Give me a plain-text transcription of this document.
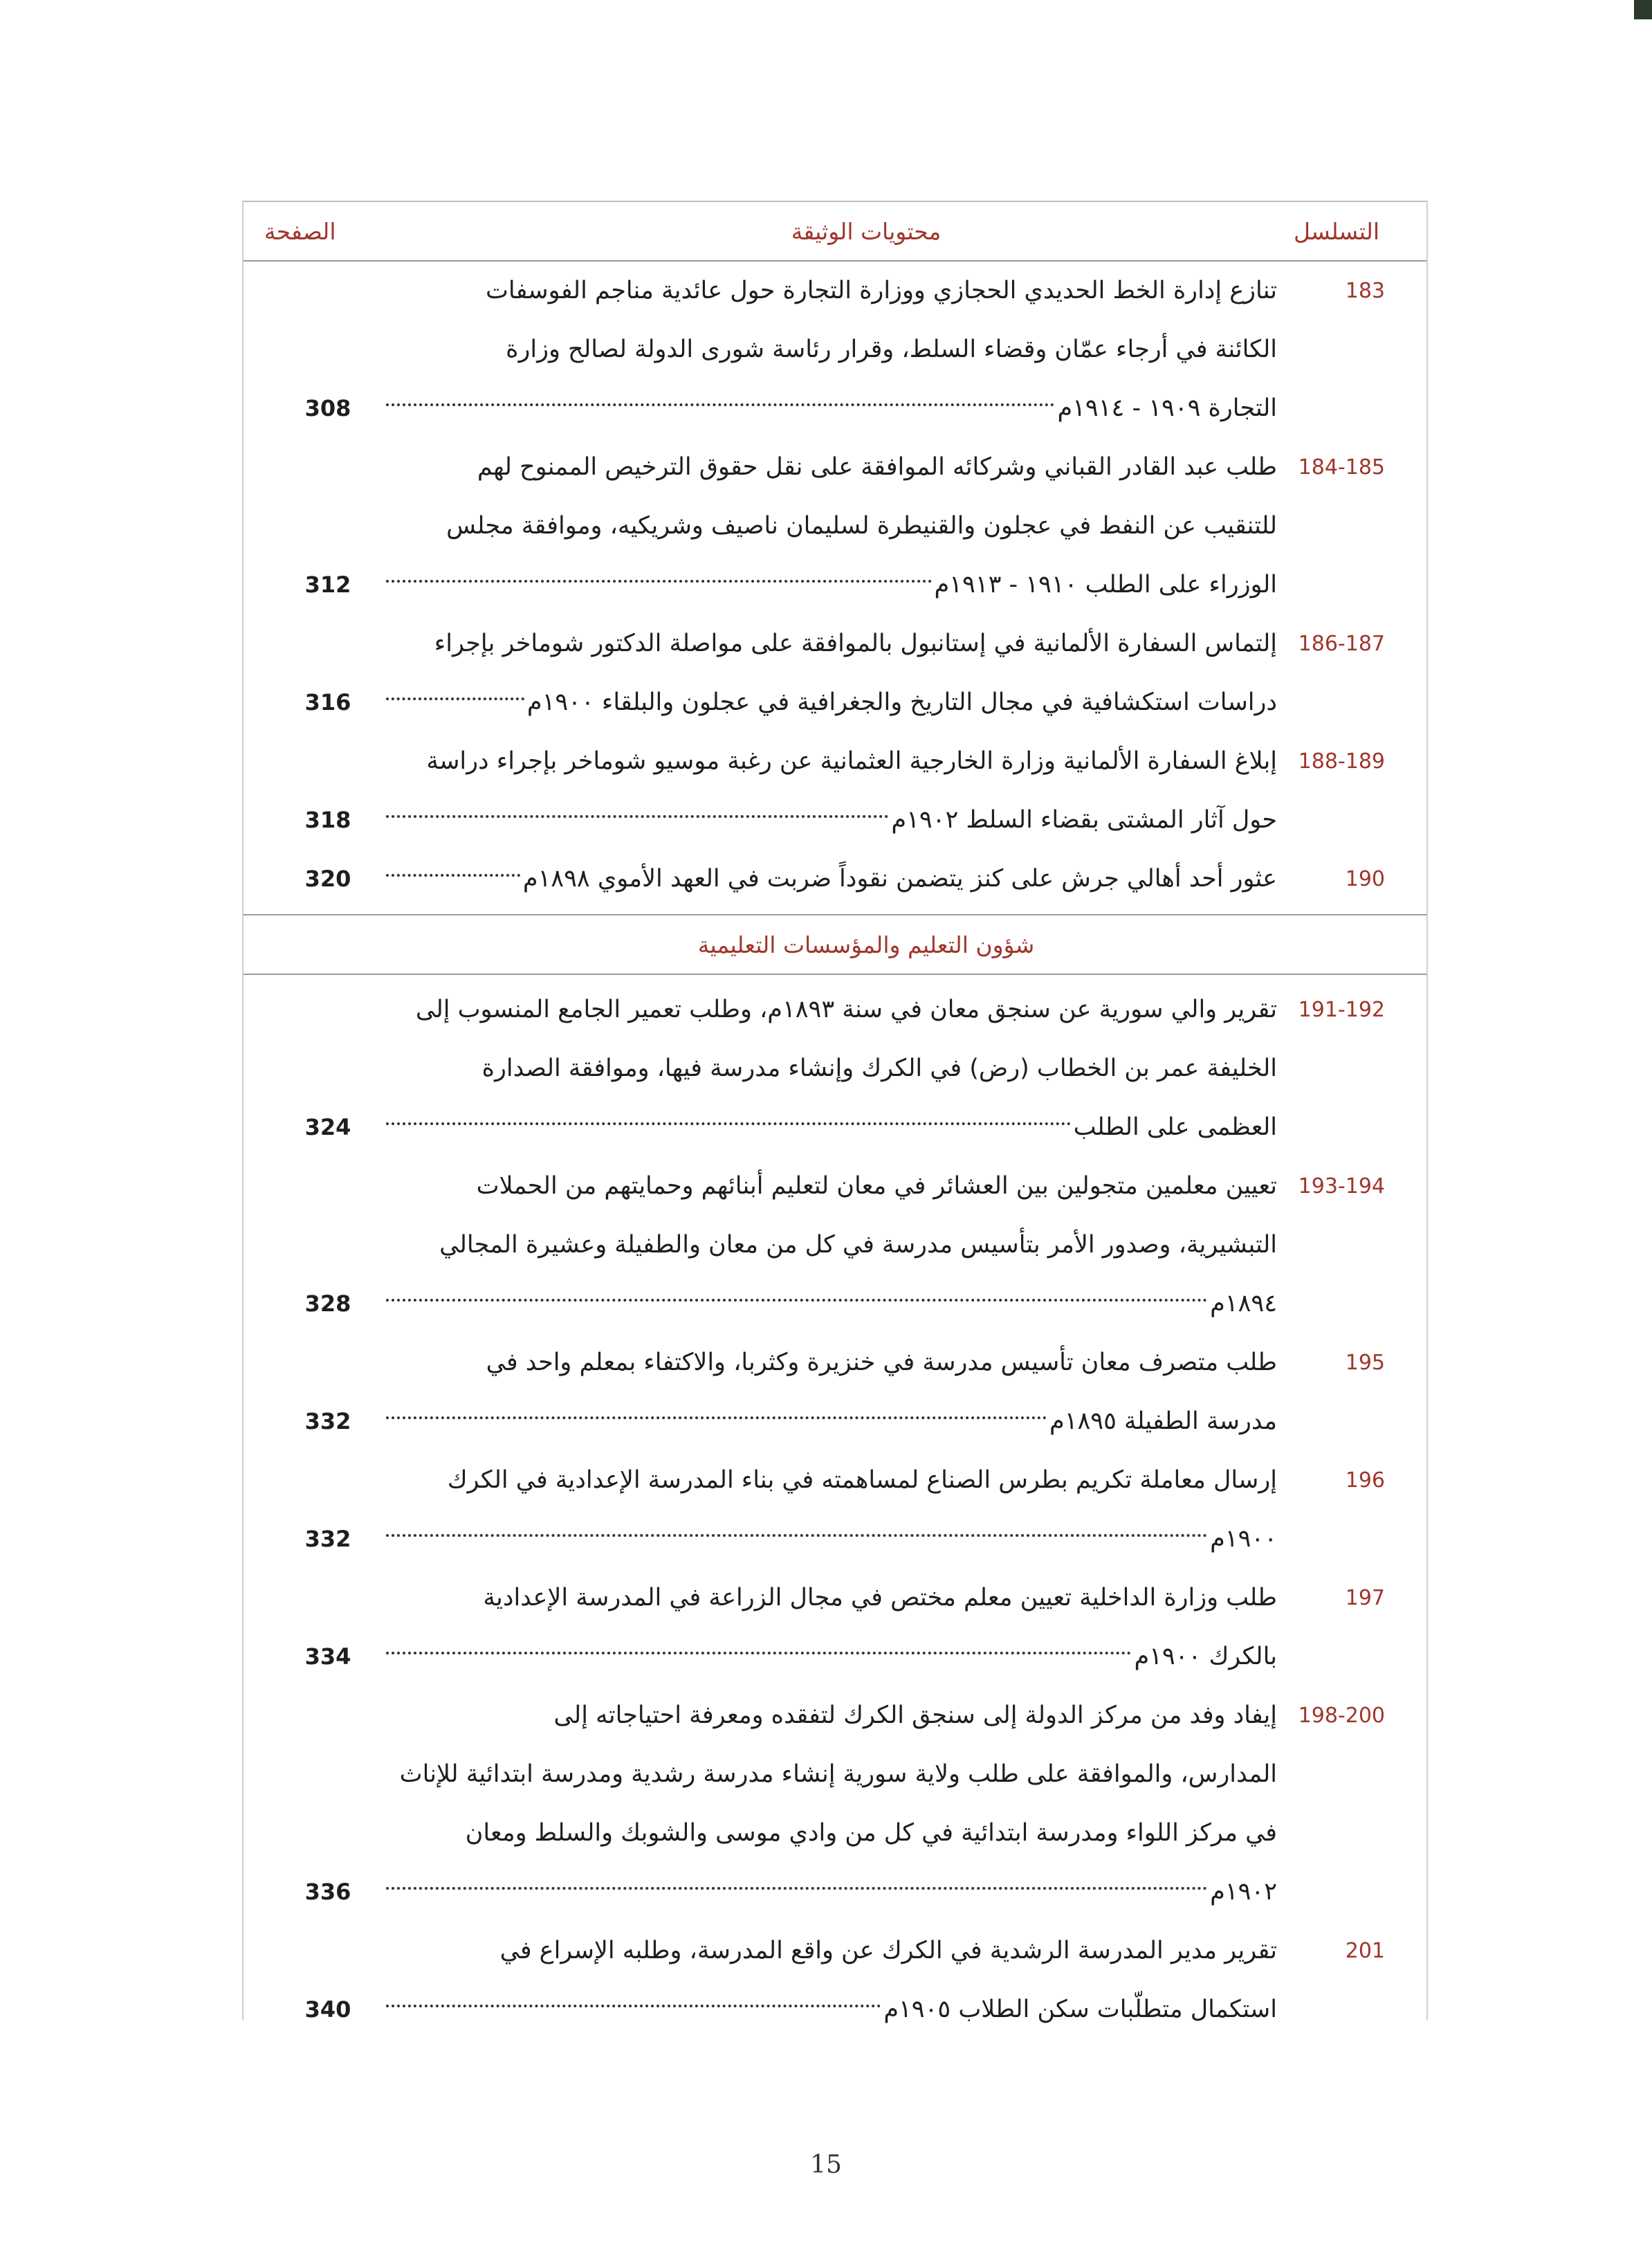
التسلسل
محتويات الوثيقة
الصفحة
183
تنازع إدارة الخط الحديدي الحجازي ووزارة التجارة حول عائدية مناجم الفوسفات
الكائنة في أرجاء عمّان وقضاء السلط، وقرار رئاسة شورى الدولة لصالح وزارة
التجارة ١٩٠٩ - ١٩١٤م
308
184-185
طلب عبد القادر القباني وشركائه الموافقة على نقل حقوق الترخيص الممنوح لهم
للتنقيب عن النفط في عجلون والقنيطرة لسليمان ناصيف وشريكيه، وموافقة مجلس
الوزراء على الطلب ١٩١٠ - ١٩١٣م
312
186-187
إلتماس السفارة الألمانية في إستانبول بالموافقة على مواصلة الدكتور شوماخر بإجراء
دراسات استكشافية في مجال التاريخ والجغرافية في عجلون والبلقاء ١٩٠٠م
316
188-189
إبلاغ السفارة الألمانية وزارة الخارجية العثمانية عن رغبة موسيو شوماخر بإجراء دراسة
حول آثار المشتى بقضاء السلط ١٩٠٢م
318
190
عثور أحد أهالي جرش على كنز يتضمن نقوداً ضربت في العهد الأموي ١٨٩٨م
320
شؤون التعليم والمؤسسات التعليمية
191-192
تقرير والي سورية عن سنجق معان في سنة ١٨٩٣م، وطلب تعمير الجامع المنسوب إلى
الخليفة عمر بن الخطاب (رض) في الكرك وإنشاء مدرسة فيها، وموافقة الصدارة
العظمى على الطلب
324
193-194
تعيين معلمين متجولين بين العشائر في معان لتعليم أبنائهم وحمايتهم من الحملات
التبشيرية، وصدور الأمر بتأسيس مدرسة في كل من معان والطفيلة وعشيرة المجالي
١٨٩٤م
328
195
طلب متصرف معان تأسيس مدرسة في خنزيرة وكثربا، والاكتفاء بمعلم واحد في
مدرسة الطفيلة ١٨٩٥م
332
196
إرسال معاملة تكريم بطرس الصناع لمساهمته في بناء المدرسة الإعدادية في الكرك
١٩٠٠م
332
197
طلب وزارة الداخلية تعيين معلم مختص في مجال الزراعة في المدرسة الإعدادية
بالكرك ١٩٠٠م
334
198-200
إيفاد وفد من مركز الدولة إلى سنجق الكرك لتفقده ومعرفة احتياجاته إلى
المدارس، والموافقة على طلب ولاية سورية إنشاء مدرسة رشدية ومدرسة ابتدائية للإناث
في مركز اللواء ومدرسة ابتدائية في كل من وادي موسى والشوبك والسلط ومعان
١٩٠٢م
336
201
تقرير مدير المدرسة الرشدية في الكرك عن واقع المدرسة، وطلبه الإسراع في
استكمال متطلّبات سكن الطلاب ١٩٠٥م
340
15
